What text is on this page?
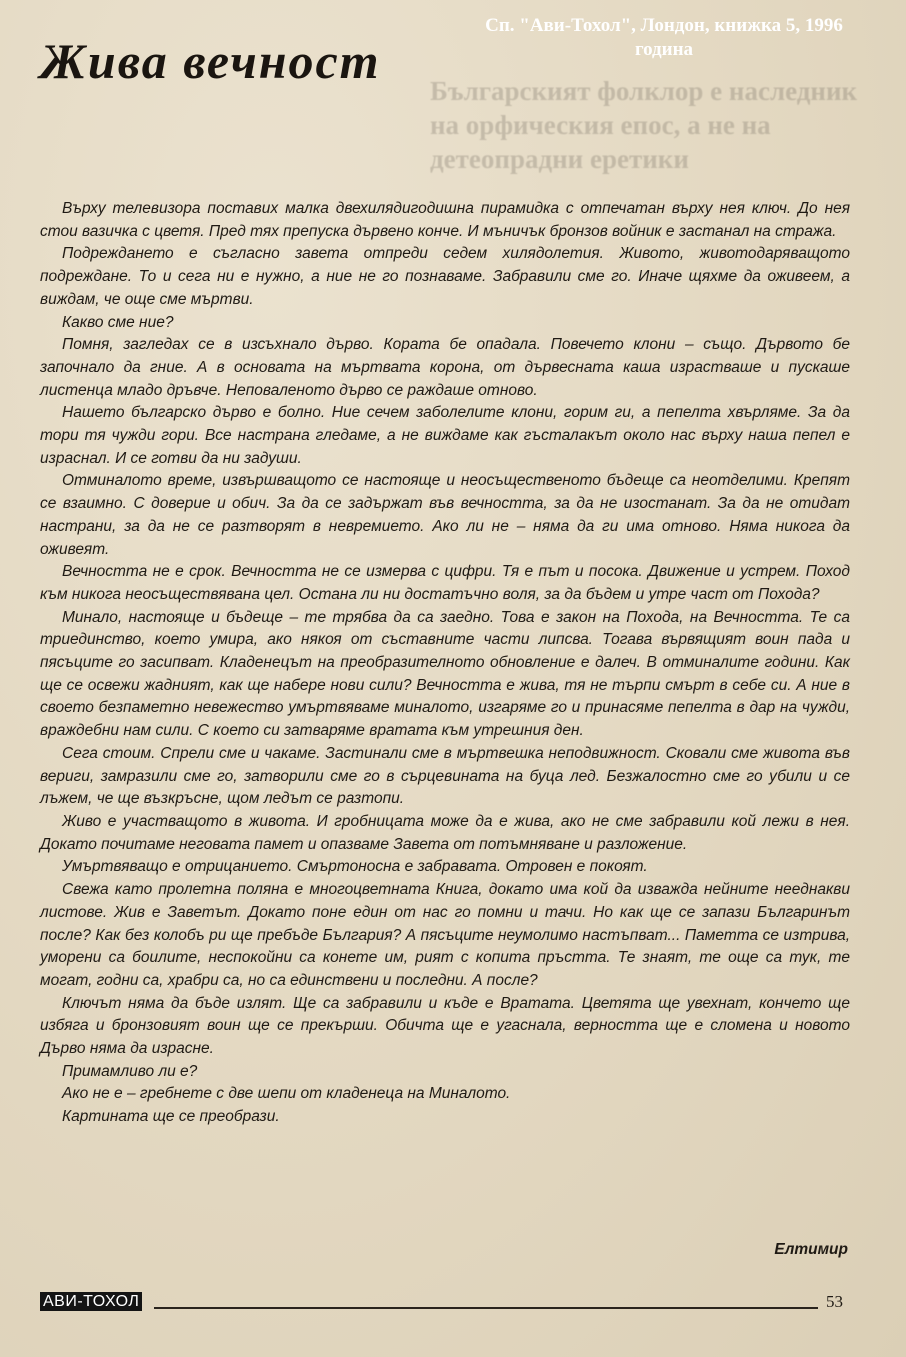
Българският фолклор е наследник на орфическия епос, а не на детеопрадни еретики
Сп. "Ави-Тохол", Лондон, книжка 5, 1996 година
Жива вечност

Върху телевизора поставих малка двехилядигодишна пирамидка с отпечатан върху нея ключ. До нея стои вазичка с цветя. Пред тях препуска дървено конче. И мъничък бронзов войник е застанал на стража.

Подреждането е съгласно завета отпреди седем хилядолетия. Живото, животодаряващото подреждане. То и сега ни е нужно, а ние не го познаваме. Забравили сме го. Иначе щяхме да оживеем, а виждам, че още сме мъртви.

Какво сме ние?

Помня, загледах се в изсъхнало дърво. Кората бе опадала. Повечето клони – също. Дървото бе започнало да гние. А в основата на мъртвата корона, от дървесната каша израстваше и пускаше листенца младо дръвче. Неповаленото дърво се раждаше отново.

Нашето българско дърво е болно. Ние сечем заболелите клони, горим ги, а пепелта хвърляме. За да тори тя чужди гори. Все настрана гледаме, а не виждаме как гъсталакът около нас върху наша пепел е израснал. И се готви да ни задуши.

Отминалото време, извършващото се настояще и неосъщественото бъдеще са неотделими. Крепят се взаимно. С доверие и обич. За да се задържат във вечността, за да не изостанат. За да не отидат настрани, за да не се разтворят в невремието. Ако ли не – няма да ги има отново. Няма никога да оживеят.

Вечността не е срок. Вечността не се измерва с цифри. Тя е път и посока. Движение и устрем. Поход към никога неосъществявана цел. Остана ли ни достатъчно воля, за да бъдем и утре част от Похода?

Минало, настояще и бъдеще – те трябва да са заедно. Това е закон на Похода, на Вечността. Те са триединство, което умира, ако някоя от съставните части липсва. Тогава вървящият воин пада и пясъците го засипват. Кладенецът на преобразителното обновление е далеч. В отминалите години. Как ще се освежи жадният, как ще набере нови сили? Вечността е жива, тя не търпи смърт в себе си. А ние в своето безпаметно невежество умъртвяваме миналото, изгаряме го и принасяме пепелта в дар на чужди, враждебни нам сили. С което си затваряме вратата към утрешния ден.

Сега стоим. Спрели сме и чакаме. Застинали сме в мъртвешка неподвижност. Сковали сме живота във вериги, замразили сме го, затворили сме го в сърцевината на буца лед. Безжалостно сме го убили и се лъжем, че ще възкръсне, щом ледът се разтопи.

Живо е участващото в живота. И гробницата може да е жива, ако не сме забравили кой лежи в нея. Докато почитаме неговата памет и опазваме Завета от потъмняване и разложение.

Умъртвяващо е отрицанието. Смъртоносна е забравата. Отровен е покоят.

Свежа като пролетна поляна е многоцветната Книга, докато има кой да изважда нейните нееднакви листове. Жив е Заветът. Докато поне един от нас го помни и тачи. Но как ще се запази Българинът после? Как без колобъ ри ще пребъде България? А пясъците неумолимо настъпват... Паметта се изтрива, уморени са боилите, неспокойни са конете им, рият с копита пръстта. Те знаят, те още са тук, те могат, годни са, храбри са, но са единствени и последни. А после?

Ключът няма да бъде излят. Ще са забравили и къде е Вратата. Цветята ще увехнат, кончето ще избяга и бронзовият воин ще се прекърши. Обичта ще е угаснала, верността ще е сломена и новото Дърво няма да израсне.

Примамливо ли е?

Ако не е – гребнете с две шепи от кладенеца на Миналото.

Картината ще се преобрази.

Елтимир
АВИ-ТОХОЛ	53
